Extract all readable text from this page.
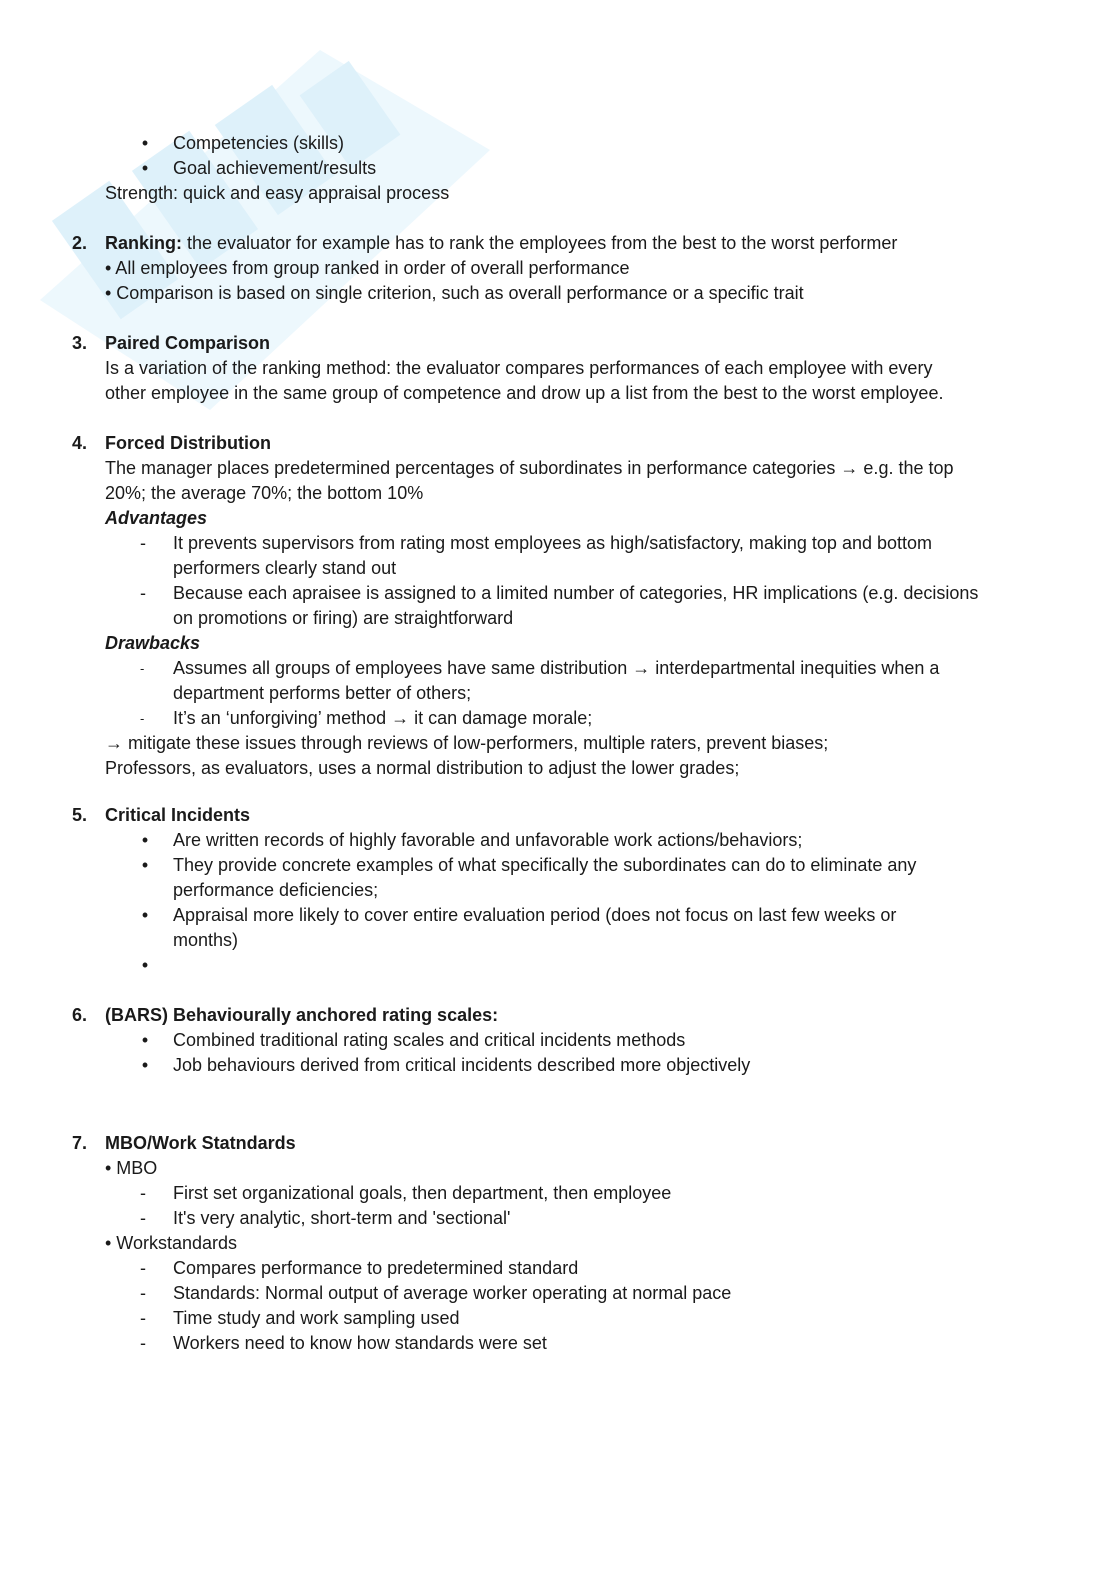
• Competencies (skills)
• Goal achievement/results
Strength: quick and easy appraisal process
2. Ranking: the evaluator for example has to rank the employees from the best to the worst performer
• All employees from group ranked in order of overall performance
• Comparison is based on single criterion, such as overall performance or a specific trait
3. Paired Comparison
Is a variation of the ranking method: the evaluator compares performances of each employee with every
other employee in the same group of competence and drow up a list from the best to the worst employee.
4. Forced Distribution
The manager places predetermined percentages of subordinates in performance categories → e.g. the top
20%; the average 70%; the bottom 10%
Advantages
- It prevents supervisors from rating most employees as high/satisfactory, making top and bottom
performers clearly stand out
- Because each apraisee is assigned to a limited number of categories, HR implications (e.g. decisions
on promotions or firing) are straightforward
Drawbacks
- Assumes all groups of employees have same distribution → interdepartmental inequities when a
department performs better of others;
- It’s an ‘unforgiving’ method → it can damage morale;
→ mitigate these issues through reviews of low-performers, multiple raters, prevent biases;
Professors, as evaluators, uses a normal distribution to adjust the lower grades;
5. Critical Incidents
• Are written records of highly favorable and unfavorable work actions/behaviors;
• They provide concrete examples of what specifically the subordinates can do to eliminate any
performance deficiencies;
• Appraisal more likely to cover entire evaluation period (does not focus on last few weeks or
months)
•
6. (BARS) Behaviourally anchored rating scales:
• Combined traditional rating scales and critical incidents methods
• Job behaviours derived from critical incidents described more objectively
7. MBO/Work Statndards
• MBO
- First set organizational goals, then department, then employee
- It's very analytic, short-term and 'sectional'
• Workstandards
- Compares performance to predetermined standard
- Standards: Normal output of average worker operating at normal pace
- Time study and work sampling used
- Workers need to know how standards were set
